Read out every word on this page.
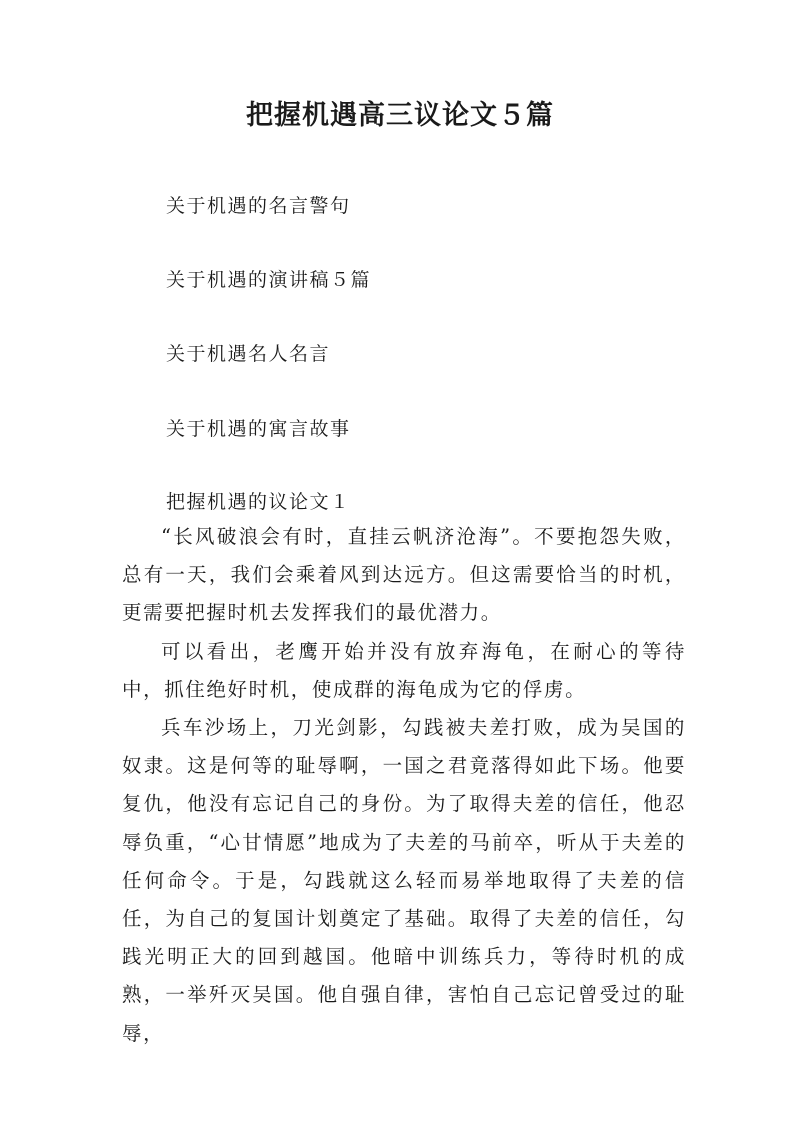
把握机遇高三议论文５篇
关于机遇的名言警句
关于机遇的演讲稿５篇
关于机遇名人名言
关于机遇的寓言故事
把握机遇的议论文１

“长风破浪会有时，直挂云帆济沧海”。不要抱怨失败，总有一天，我们会乘着风到达远方。但这需要恰当的时机，更需要把握时机去发挥我们的最优潜力。

可以看出，老鹰开始并没有放弃海龟，在耐心的等待中，抓住绝好时机，使成群的海龟成为它的俘虏。

兵车沙场上，刀光剑影，勾践被夫差打败，成为吴国的奴隶。这是何等的耻辱啊，一国之君竟落得如此下场。他要复仇，他没有忘记自己的身份。为了取得夫差的信任，他忍辱负重，“心甘情愿”地成为了夫差的马前卒，听从于夫差的任何命令。于是，勾践就这么轻而易举地取得了夫差的信任，为自己的复国计划奠定了基础。取得了夫差的信任，勾践光明正大的回到越国。他暗中训练兵力，等待时机的成熟，一举歼灭吴国。他自强自律，害怕自己忘记曾受过的耻辱，
